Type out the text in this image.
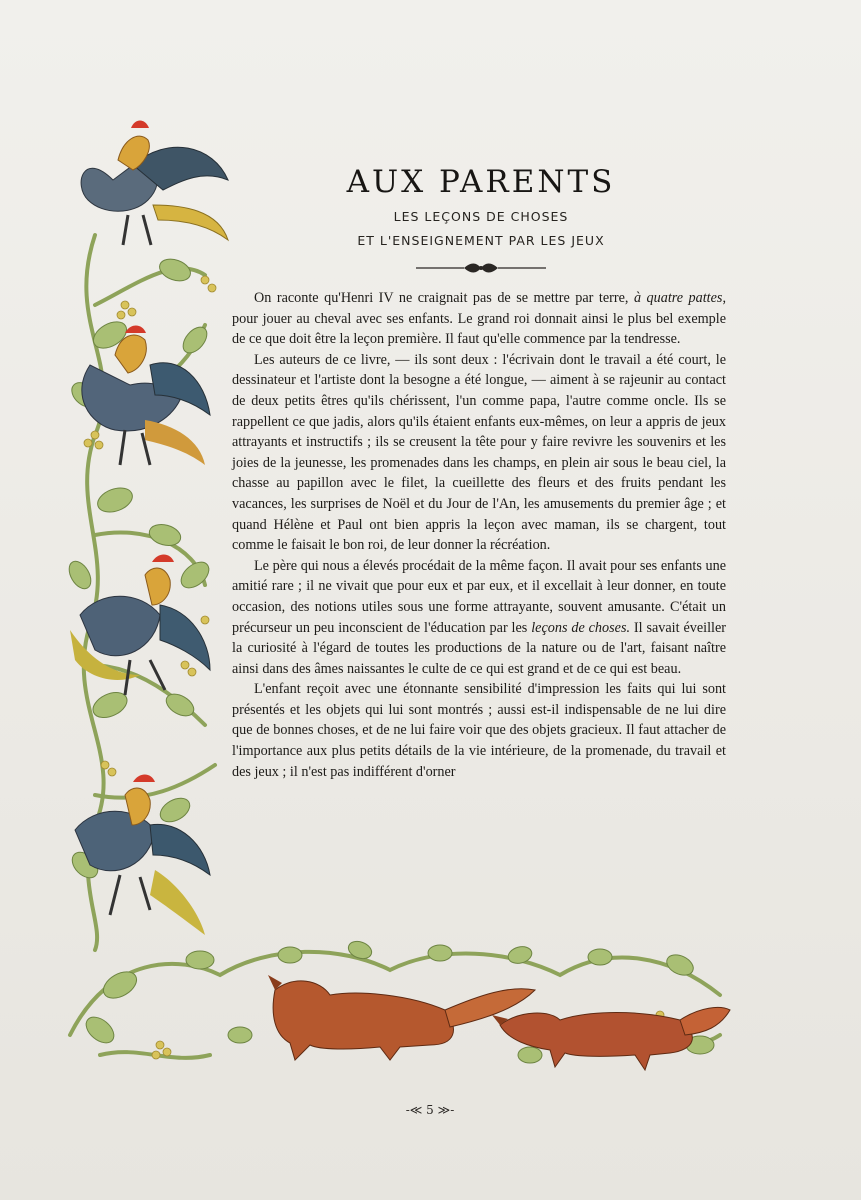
AUX PARENTS
LES LEÇONS DE CHOSES
ET L'ENSEIGNEMENT PAR LES JEUX

On raconte qu'Henri IV ne craignait pas de se mettre par terre, à quatre pattes, pour jouer au cheval avec ses enfants. Le grand roi donnait ainsi le plus bel exemple de ce que doit être la leçon première. Il faut qu'elle commence par la tendresse.

Les auteurs de ce livre, — ils sont deux : l'écrivain dont le travail a été court, le dessinateur et l'artiste dont la besogne a été longue, — aiment à se rajeunir au contact de deux petits êtres qu'ils chérissent, l'un comme papa, l'autre comme oncle. Ils se rappellent ce que jadis, alors qu'ils étaient enfants eux-mêmes, on leur a appris de jeux attrayants et instructifs ; ils se creusent la tête pour y faire revivre les souvenirs et les joies de la jeunesse, les promenades dans les champs, en plein air sous le beau ciel, la chasse au papillon avec le filet, la cueillette des fleurs et des fruits pendant les vacances, les surprises de Noël et du Jour de l'An, les amusements du premier âge ; et quand Hélène et Paul ont bien appris la leçon avec maman, ils se chargent, tout comme le faisait le bon roi, de leur donner la récréation.

Le père qui nous a élevés procédait de la même façon. Il avait pour ses enfants une amitié rare ; il ne vivait que pour eux et par eux, et il excellait à leur donner, en toute occasion, des notions utiles sous une forme attrayante, souvent amusante. C'était un précurseur un peu inconscient de l'éducation par les leçons de choses. Il savait éveiller la curiosité à l'égard de toutes les productions de la nature ou de l'art, faisant naître ainsi dans des âmes naissantes le culte de ce qui est grand et de ce qui est beau.

L'enfant reçoit avec une étonnante sensibilité d'impression les faits qui lui sont présentés et les objets qui lui sont montrés ; aussi est-il indispensable de ne lui dire que de bonnes choses, et de ne lui faire voir que des objets gracieux. Il faut attacher de l'importance aux plus petits détails de la vie intérieure, de la promenade, du travail et des jeux ; il n'est pas indifférent d'orner

-≪ 5 ≫-
